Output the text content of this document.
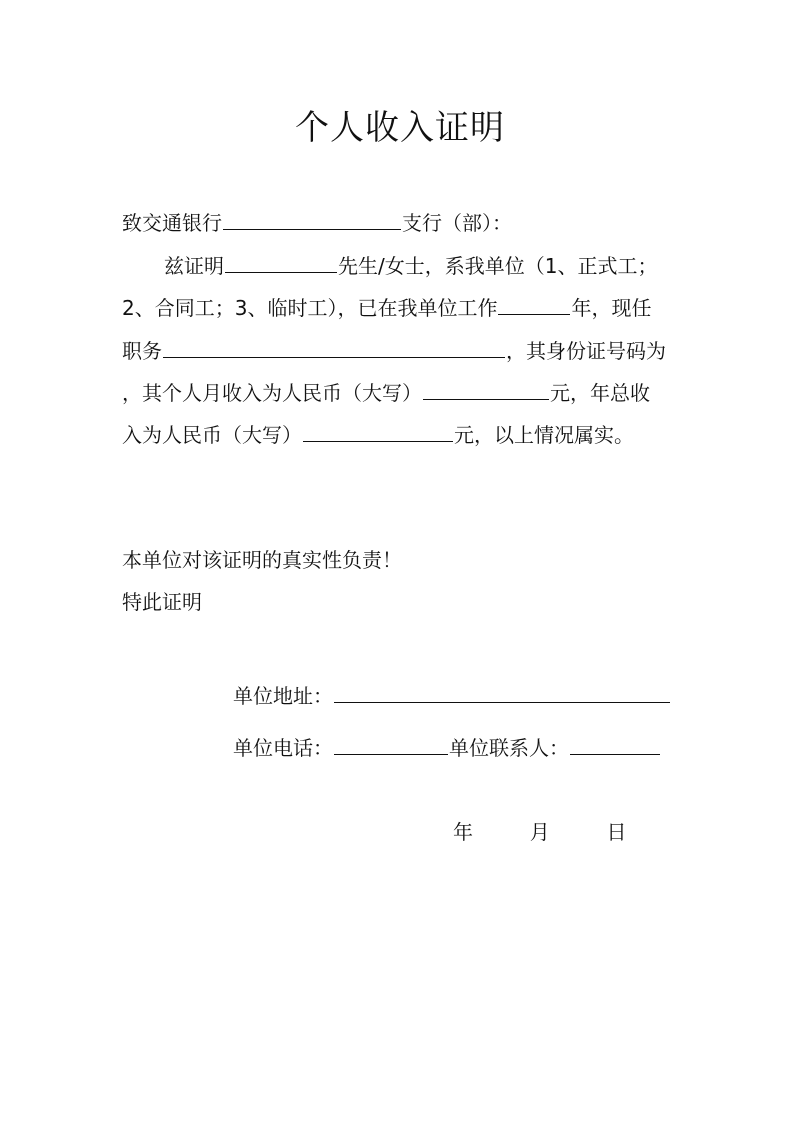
个人收入证明
致交通银行	支行（部）：
兹证明	先生/女士，系我单位（1、正式工；
2、合同工；3、临时工），已在我单位工作	年，现任
职务	，其身份证号码为
，其个人月收入为人民币（大写）	元，年总收
入为人民币（大写）	元，以上情况属实。
本单位对该证明的真实性负责！
特此证明
单位地址：
单位电话：	单位联系人：
年	月	日
